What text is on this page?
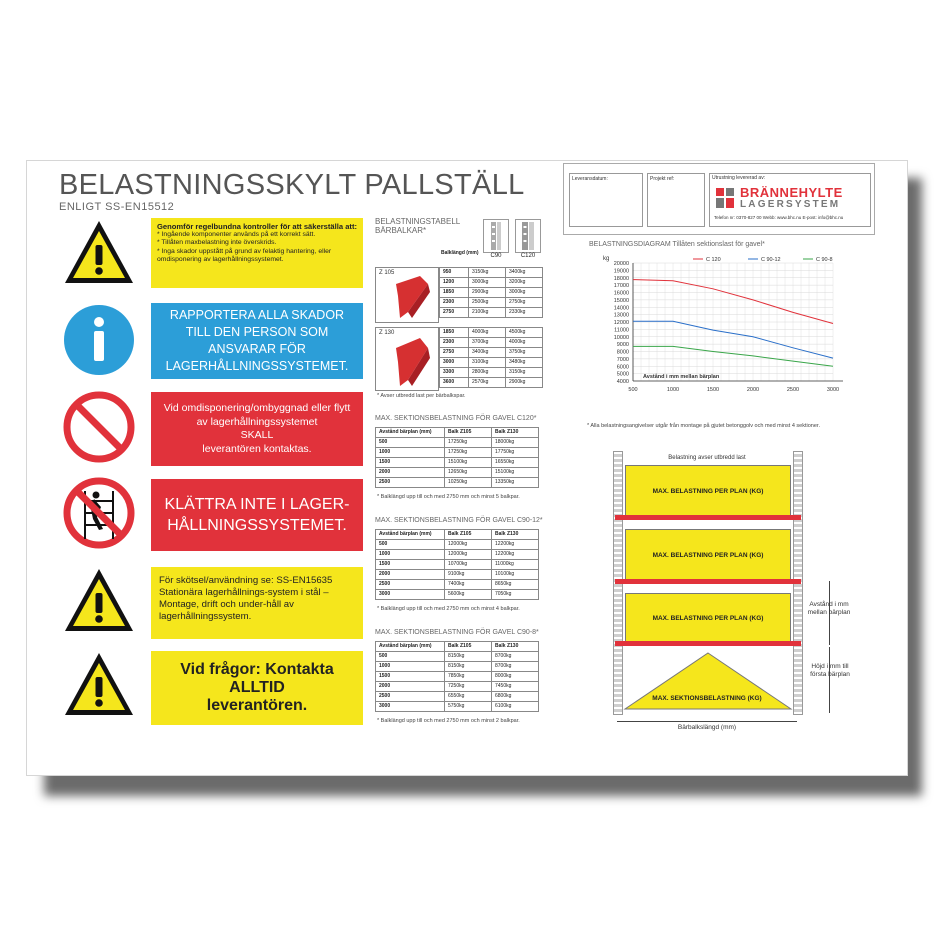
BELASTNINGSSKYLT PALLSTÄLL
ENLIGT SS-EN15512
Leveransdatum:	Projekt ref:	Utrustning levererad av:
BRÄNNEHYLTE
LAGERSYSTEM
Telefon nr: 0370-827 00 Webb: www.bhc.nu E-post: info@bhc.nu
Genomför regelbundna kontroller för att säkerställa att:
* Ingående komponenter används på ett korrekt sätt.
* Tillåten maxbelastning inte överskrids.
* Inga skador uppstått på grund av felaktig hantering, eller omdisponering av lagerhållningssystemet.
RAPPORTERA ALLA SKADOR TILL DEN PERSON SOM ANSVARAR FÖR LAGERHÅLLNINGSSYSTEMET.
Vid omdisponering/ombyggnad eller flytt av lagerhållningssystemet
SKALL
leverantören kontaktas.
KLÄTTRA INTE I LAGER-HÅLLNINGSSYSTEMET.
För skötsel/användning se: SS-EN15635 Stationära lagerhållnings-system i stål – Montage, drift och under-håll av lagerhållningssystem.
Vid frågor: Kontakta
ALLTID
leverantören.
BELASTNINGSTABELL
BÄRBALKAR*
Balklängd (mm)	C90	C120
Z 105	950	3150kg	3400kg
1200	3000kg	3200kg
1850	2900kg	3000kg
2300	2500kg	2750kg
2750	2100kg	2330kg
Z 130	1850	4000kg	4500kg
2300	3700kg	4000kg
2750	3400kg	3750kg
3000	3100kg	3480kg
3300	2800kg	3150kg
3600	2570kg	2900kg
* Avser utbredd last per bärbalkspar.
MAX. SEKTIONSBELASTNING FÖR GAVEL C120*
Avstånd bärplan (mm)	Balk Z105	Balk Z130
500	17250kg	18000kg
1000	17250kg	17750kg
1500	15100kg	16550kg
2000	12650kg	15100kg
2500	10250kg	13350kg
* Balklängd upp till och med 2750 mm och minst 5 balkpar.
MAX. SEKTIONSBELASTNING FÖR GAVEL C90-12*
Avstånd bärplan (mm)	Balk Z105	Balk Z130
500	12000kg	12200kg
1000	12000kg	12200kg
1500	10700kg	11000kg
2000	9100kg	10100kg
2500	7400kg	8650kg
3000	5600kg	7050kg
* Balklängd upp till och med 2750 mm och minst 4 balkpar.
MAX. SEKTIONSBELASTNING FÖR GAVEL C90-8*
Avstånd bärplan (mm)	Balk Z105	Balk Z130
500	8150kg	8700kg
1000	8150kg	8700kg
1500	7850kg	8000kg
2000	7250kg	7450kg
2500	6550kg	6800kg
3000	5750kg	6100kg
* Balklängd upp till och med 2750 mm och minst 2 balkpar.
BELASTNINGSDIAGRAM Tillåten sektionslast för gavel*
4000
5000
6000
7000
8000
9000
10000
11000
12000
13000
14000
15000
16000
17000
18000
19000
20000
500	1000	1500	2000	2500	3000
kg
Avstånd i mm mellan bärplan
C 120	C 90-12	C 90-8
* Alla belastningsangivelser utgår från montage på gjutet betonggolv och med minst 4 sektioner.
Belastning avser utbredd last
MAX. BELASTNING PER PLAN (KG)
MAX. BELASTNING PER PLAN (KG)
MAX. BELASTNING PER PLAN (KG)
MAX. SEKTIONSBELASTNING (KG)
Bärbalkslängd (mm)
Avstånd i mm mellan bärplan
Höjd i mm till första bärplan
